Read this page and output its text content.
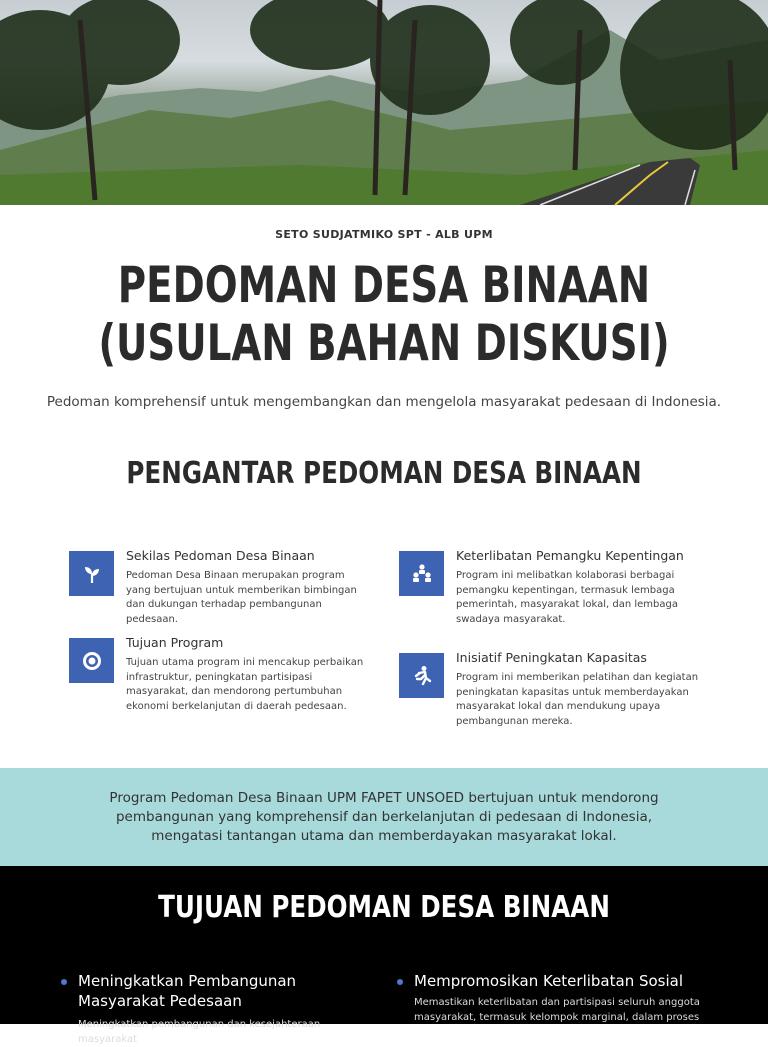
SETO SUDJATMIKO SPT - ALB UPM
PEDOMAN DESA BINAAN
(USULAN BAHAN DISKUSI)
Pedoman komprehensif untuk mengembangkan dan mengelola masyarakat pedesaan di Indonesia.
PENGANTAR PEDOMAN DESA BINAAN
Sekilas Pedoman Desa Binaan
Pedoman Desa Binaan merupakan program yang bertujuan untuk memberikan bimbingan dan dukungan terhadap pembangunan pedesaan.
Tujuan Program
Tujuan utama program ini mencakup perbaikan infrastruktur, peningkatan partisipasi masyarakat, dan mendorong pertumbuhan ekonomi berkelanjutan di daerah pedesaan.
Keterlibatan Pemangku Kepentingan
Program ini melibatkan kolaborasi berbagai pemangku kepentingan, termasuk lembaga pemerintah, masyarakat lokal, dan lembaga swadaya masyarakat.
Inisiatif Peningkatan Kapasitas
Program ini memberikan pelatihan dan kegiatan peningkatan kapasitas untuk memberdayakan masyarakat lokal dan mendukung upaya pembangunan mereka.

Program Pedoman Desa Binaan UPM FAPET UNSOED bertujuan untuk mendorong pembangunan yang komprehensif dan berkelanjutan di pedesaan di Indonesia, mengatasi tantangan utama dan memberdayakan masyarakat lokal.

TUJUAN PEDOMAN DESA BINAAN
Meningkatkan Pembangunan Masyarakat Pedesaan
Meningkatkan pembangunan dan kesejahteraan masyarakat
Mempromosikan Keterlibatan Sosial
Memastikan keterlibatan dan partisipasi seluruh anggota masyarakat, termasuk kelompok marginal, dalam proses
